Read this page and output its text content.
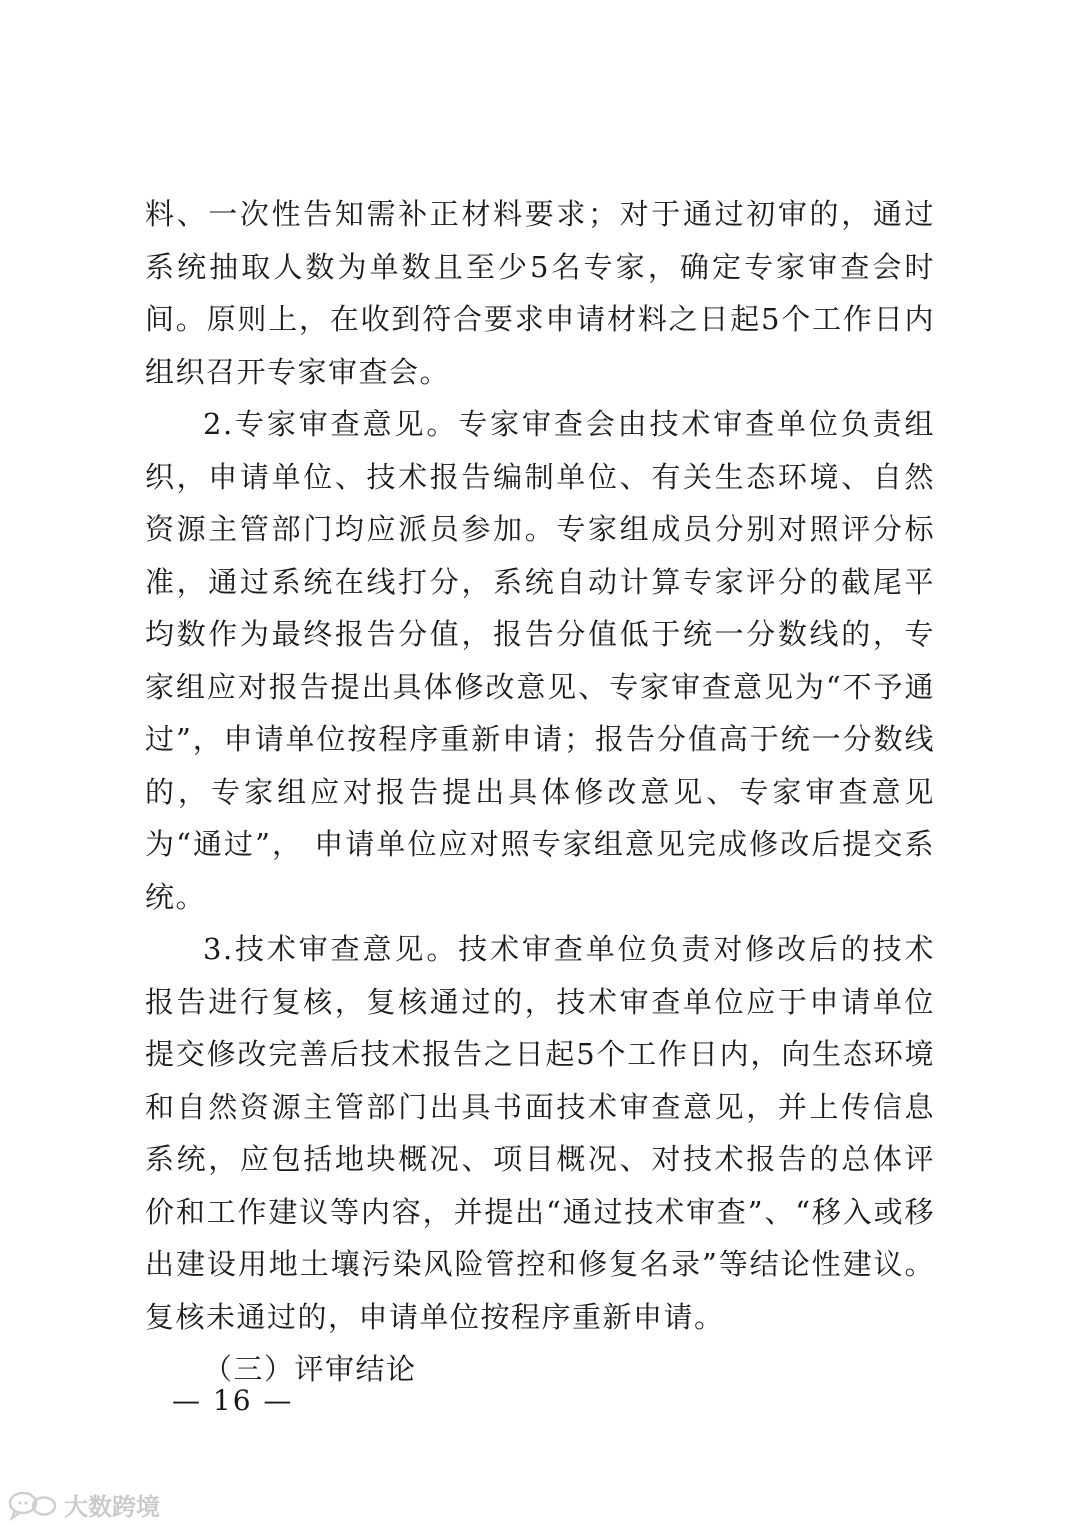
料、一次性告知需补正材料要求；对于通过初审的，通过系统抽取人数为单数且至少5名专家，确定专家审查会时间。原则上，在收到符合要求申请材料之日起5个工作日内组织召开专家审查会。

2.专家审查意见。专家审查会由技术审查单位负责组织，申请单位、技术报告编制单位、有关生态环境、自然资源主管部门均应派员参加。专家组成员分别对照评分标准，通过系统在线打分，系统自动计算专家评分的截尾平均数作为最终报告分值，报告分值低于统一分数线的，专家组应对报告提出具体修改意见、专家审查意见为“不予通过”，申请单位按程序重新申请；报告分值高于统一分数线的，专家组应对报告提出具体修改意见、专家审查意见为“通过”， 申请单位应对照专家组意见完成修改后提交系统。

3.技术审查意见。技术审查单位负责对修改后的技术报告进行复核，复核通过的，技术审查单位应于申请单位提交修改完善后技术报告之日起5个工作日内，向生态环境和自然资源主管部门出具书面技术审查意见，并上传信息系统，应包括地块概况、项目概况、对技术报告的总体评价和工作建议等内容，并提出“通过技术审查”、“移入或移出建设用地土壤污染风险管控和修复名录”等结论性建议。复核未通过的，申请单位按程序重新申请。

（三）评审结论

— 16 —
大数跨境
